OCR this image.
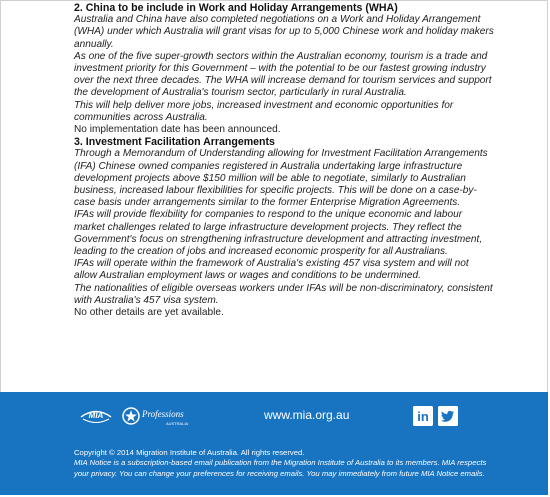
2. China to be include in Work and Holiday Arrangements (WHA)

Australia and China have also completed negotiations on a Work and Holiday Arrangement (WHA) under which Australia will grant visas for up to 5,000 Chinese work and holiday makers annually.

As one of the five super-growth sectors within the Australian economy, tourism is a trade and investment priority for this Government – with the potential to be our fastest growing industry over the next three decades. The WHA will increase demand for tourism services and support the development of Australia's tourism sector, particularly in rural Australia.

This will help deliver more jobs, increased investment and economic opportunities for communities across Australia.

No implementation date has been announced.

3. Investment Facilitation Arrangements

Through a Memorandum of Understanding allowing for Investment Facilitation Arrangements (IFA) Chinese owned companies registered in Australia undertaking large infrastructure development projects above $150 million will be able to negotiate, similarly to Australian business, increased labour flexibilities for specific projects. This will be done on a case-by-case basis under arrangements similar to the former Enterprise Migration Agreements.

IFAs will provide flexibility for companies to respond to the unique economic and labour market challenges related to large infrastructure development projects. They reflect the Government's focus on strengthening infrastructure development and attracting investment, leading to the creation of jobs and increased economic prosperity for all Australians.

IFAs will operate within the framework of Australia's existing 457 visa system and will not allow Australian employment laws or wages and conditions to be undermined.

The nationalities of eligible overseas workers under IFAs will be non-discriminatory, consistent with Australia's 457 visa system.

No other details are yet available.

MIA	Professions
AUSTRALIA
www.mia.org.au	in

Copyright © 2014 Migration Institute of Australia. All rights reserved.

MIA Notice is a subscription-based email publication from the Migration Institute of Australia to its members. MIA respects your privacy. You can change your preferences for receiving emails. You may immediately from future MIA Notice emails.
